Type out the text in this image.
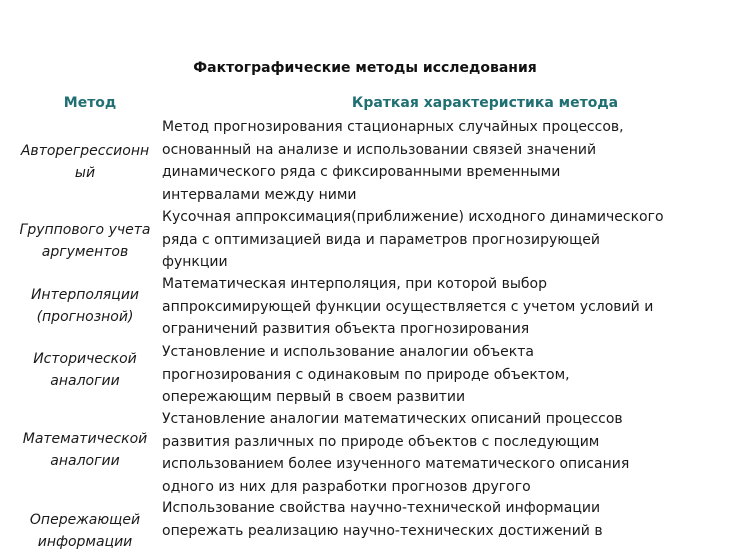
Фактографические методы исследования
Метод	Краткая характеристика метода
Авторегрессионн
ый
Метод прогнозирования стационарных случайных процессов,
основанный на анализе и использовании связей значений
динамического ряда с фиксированными временными
интервалами между ними
Группового учета
аргументов
Кусочная аппроксимация(приближение) исходного динамического
ряда с оптимизацией вида и параметров прогнозирующей
функции
Интерполяции
(прогнозной)
Математическая интерполяция, при которой выбор
аппроксимирующей функции осуществляется с учетом условий и
ограничений развития объекта прогнозирования
Исторической
аналогии
Установление и использование аналогии объекта
прогнозирования с одинаковым по природе объектом,
опережающим первый в своем развитии
Математической
аналогии
Установление аналогии математических описаний процессов
развития различных по природе объектов с последующим
использованием более изученного математического описания
одного из них для разработки прогнозов другого
Опережающей
информации
Использование свойства научно-технической информации
опережать реализацию научно-технических достижений в
